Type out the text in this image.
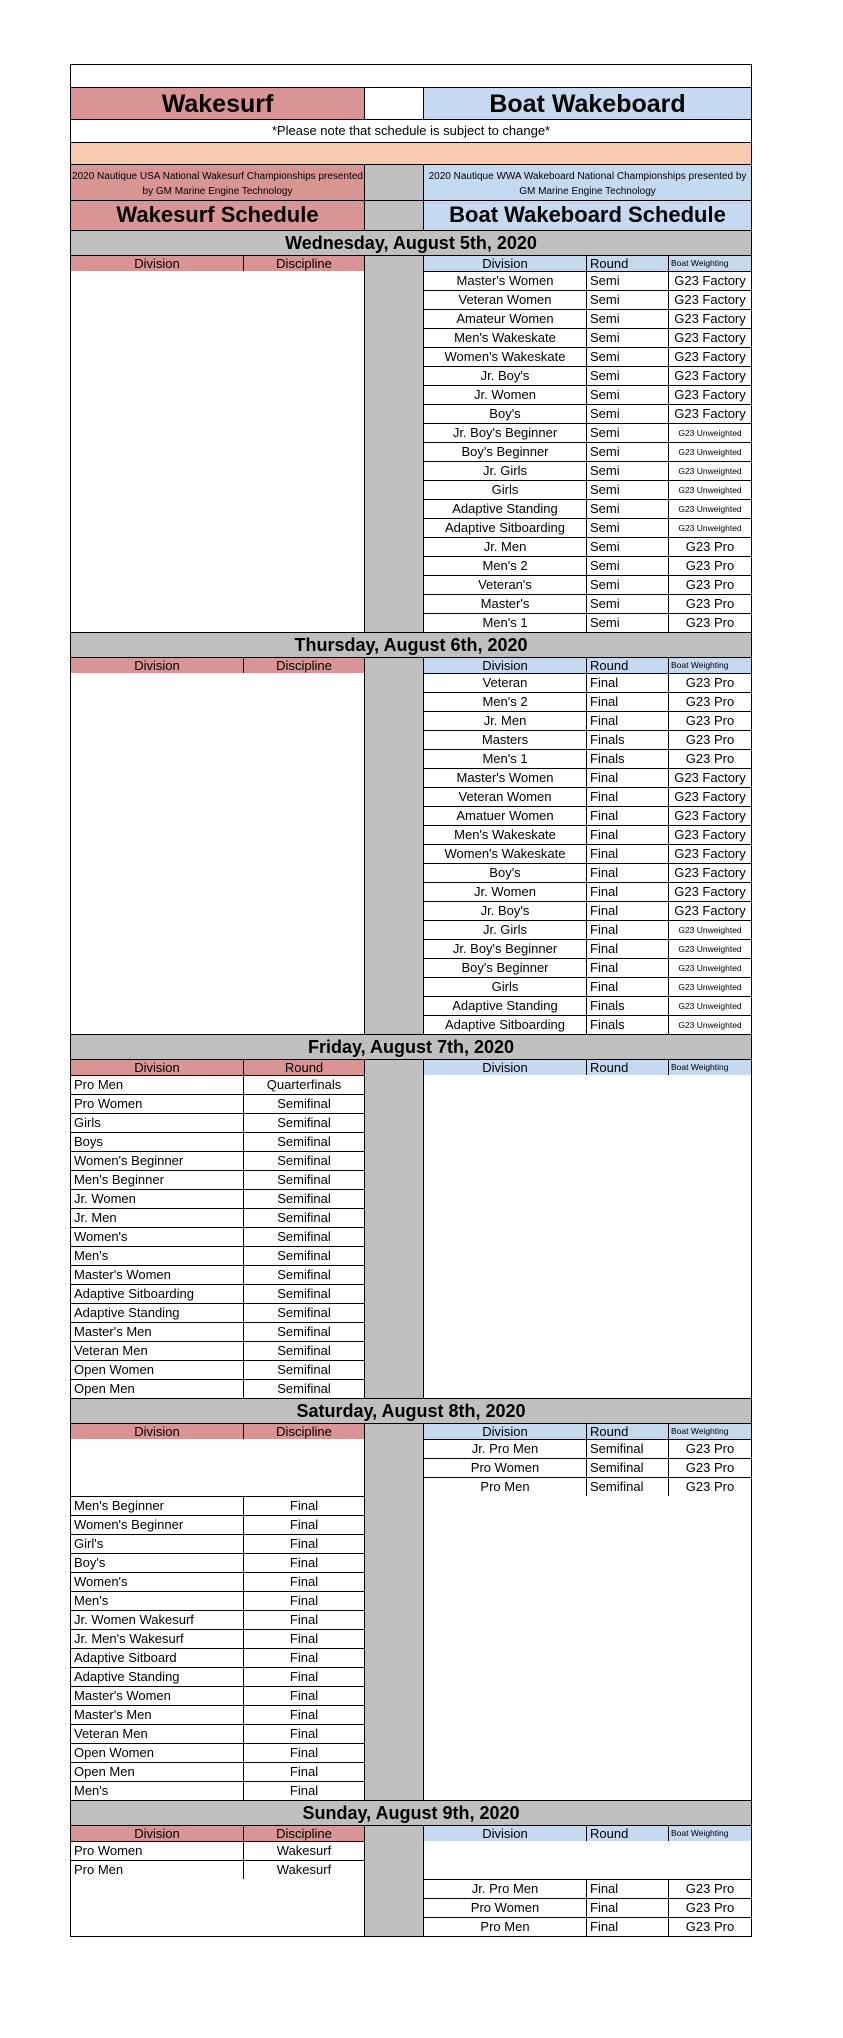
Wakesurf	Boat Wakeboard
*Please note that schedule is subject to change*
2020 Nautique USA National Wakesurf Championships presented by GM Marine Engine Technology
2020 Nautique WWA Wakeboard National Championships presented by GM Marine Engine Technology
Wakesurf Schedule	Boat Wakeboard Schedule
Wednesday, August 5th, 2020
Division	Discipline	Division	Round	Boat Weighting
Master's Women	Semi	G23 Factory
Veteran Women	Semi	G23 Factory
Amateur Women	Semi	G23 Factory
Men's Wakeskate	Semi	G23 Factory
Women's Wakeskate	Semi	G23 Factory
Jr. Boy's	Semi	G23 Factory
Jr. Women	Semi	G23 Factory
Boy's	Semi	G23 Factory
Jr. Boy's Beginner	Semi	G23 Unweighted
Boy's Beginner	Semi	G23 Unweighted
Jr. Girls	Semi	G23 Unweighted
Girls	Semi	G23 Unweighted
Adaptive Standing	Semi	G23 Unweighted
Adaptive Sitboarding	Semi	G23 Unweighted
Jr. Men	Semi	G23 Pro
Men's 2	Semi	G23 Pro
Veteran's	Semi	G23 Pro
Master's	Semi	G23 Pro
Men's 1	Semi	G23 Pro
Thursday, August 6th, 2020
Division	Discipline	Division	Round	Boat Weighting
Veteran	Final	G23 Pro
Men's 2	Final	G23 Pro
Jr. Men	Final	G23 Pro
Masters	Finals	G23 Pro
Men's 1	Finals	G23 Pro
Master's Women	Final	G23 Factory
Veteran Women	Final	G23 Factory
Amatuer Women	Final	G23 Factory
Men's Wakeskate	Final	G23 Factory
Women's Wakeskate	Final	G23 Factory
Boy's	Final	G23 Factory
Jr. Women	Final	G23 Factory
Jr. Boy's	Final	G23 Factory
Jr. Girls	Final	G23 Unweighted
Jr. Boy's Beginner	Final	G23 Unweighted
Boy's Beginner	Final	G23 Unweighted
Girls	Final	G23 Unweighted
Adaptive Standing	Finals	G23 Unweighted
Adaptive Sitboarding	Finals	G23 Unweighted
Friday, August 7th, 2020
Division	Round	Division	Round	Boat Weighting
Pro Men	Quarterfinals
Pro Women	Semifinal
Girls	Semifinal
Boys	Semifinal
Women's Beginner	Semifinal
Men's Beginner	Semifinal
Jr. Women	Semifinal
Jr. Men	Semifinal
Women's	Semifinal
Men's	Semifinal
Master's Women	Semifinal
Adaptive Sitboarding	Semifinal
Adaptive Standing	Semifinal
Master's Men	Semifinal
Veteran Men	Semifinal
Open Women	Semifinal
Open Men	Semifinal
Saturday, August 8th, 2020
Division	Discipline	Division	Round	Boat Weighting
Jr. Pro Men	Semifinal	G23 Pro
Pro Women	Semifinal	G23 Pro
Pro Men	Semifinal	G23 Pro
Men's Beginner	Final
Women's Beginner	Final
Girl's	Final
Boy's	Final
Women's	Final
Men's	Final
Jr. Women Wakesurf	Final
Jr. Men's Wakesurf	Final
Adaptive Sitboard	Final
Adaptive Standing	Final
Master's Women	Final
Master's Men	Final
Veteran Men	Final
Open Women	Final
Open Men	Final
Men's	Final
Sunday, August 9th, 2020
Division	Discipline	Division	Round	Boat Weighting
Pro Women	Wakesurf
Pro Men	Wakesurf
Jr. Pro Men	Final	G23 Pro
Pro Women	Final	G23 Pro
Pro Men	Final	G23 Pro
